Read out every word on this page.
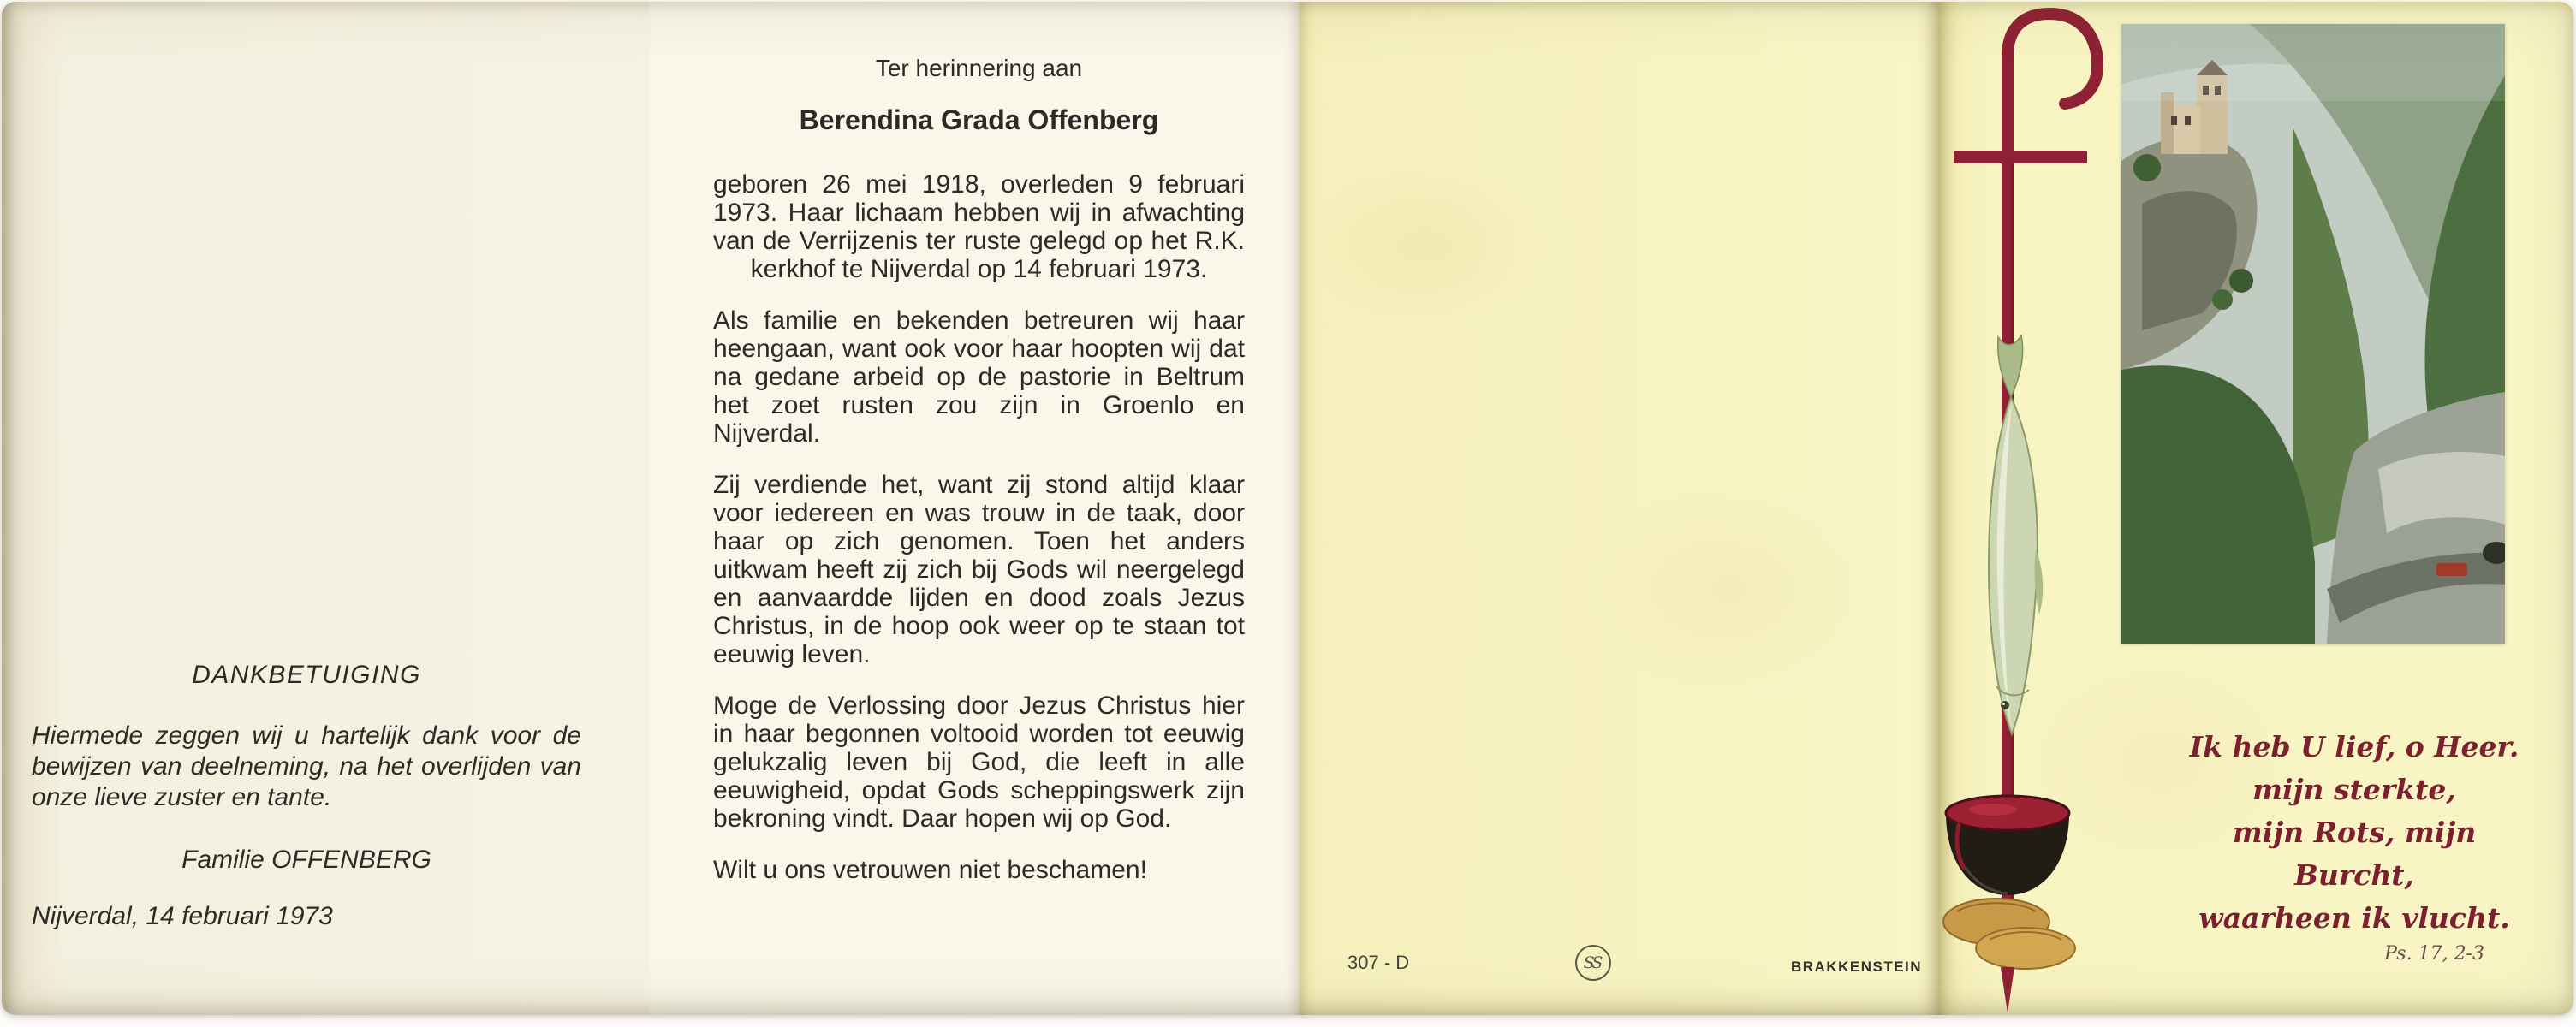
DANKBETUIGING

Hiermede zeggen wij u hartelijk dank voor de bewijzen van deelneming, na het overlijden van onze lieve zuster en tante.

Familie OFFENBERG

Nijverdal, 14 februari 1973

Ter herinnering aan

Berendina Grada Offenberg

geboren 26 mei 1918, overleden 9 februari 1973. Haar lichaam hebben wij in afwachting van de Verrijzenis ter ruste gelegd op het R.K. kerkhof te Nijverdal op 14 februari 1973.

Als familie en bekenden betreuren wij haar heengaan, want ook voor haar hoopten wij dat na gedane arbeid op de pastorie in Beltrum het zoet rusten zou zijn in Groenlo en Nijverdal.

Zij verdiende het, want zij stond altijd klaar voor iedereen en was trouw in de taak, door haar op zich genomen. Toen het anders uitkwam heeft zij zich bij Gods wil neergelegd en aanvaardde lijden en dood zoals Jezus Christus, in de hoop ook weer op te staan tot eeuwig leven.

Moge de Verlossing door Jezus Christus hier in haar begonnen voltooid worden tot eeuwig gelukzalig leven bij God, die leeft in alle eeuwigheid, opdat Gods scheppingswerk zijn bekroning vindt. Daar hopen wij op God.

Wilt u ons vetrouwen niet beschamen!

307 - D	SS	BRAKKENSTEIN
Ik heb U lief, o Heer.
mijn sterkte,
mijn Rots, mijn Burcht,
waarheen ik vlucht.
Ps. 17, 2-3
